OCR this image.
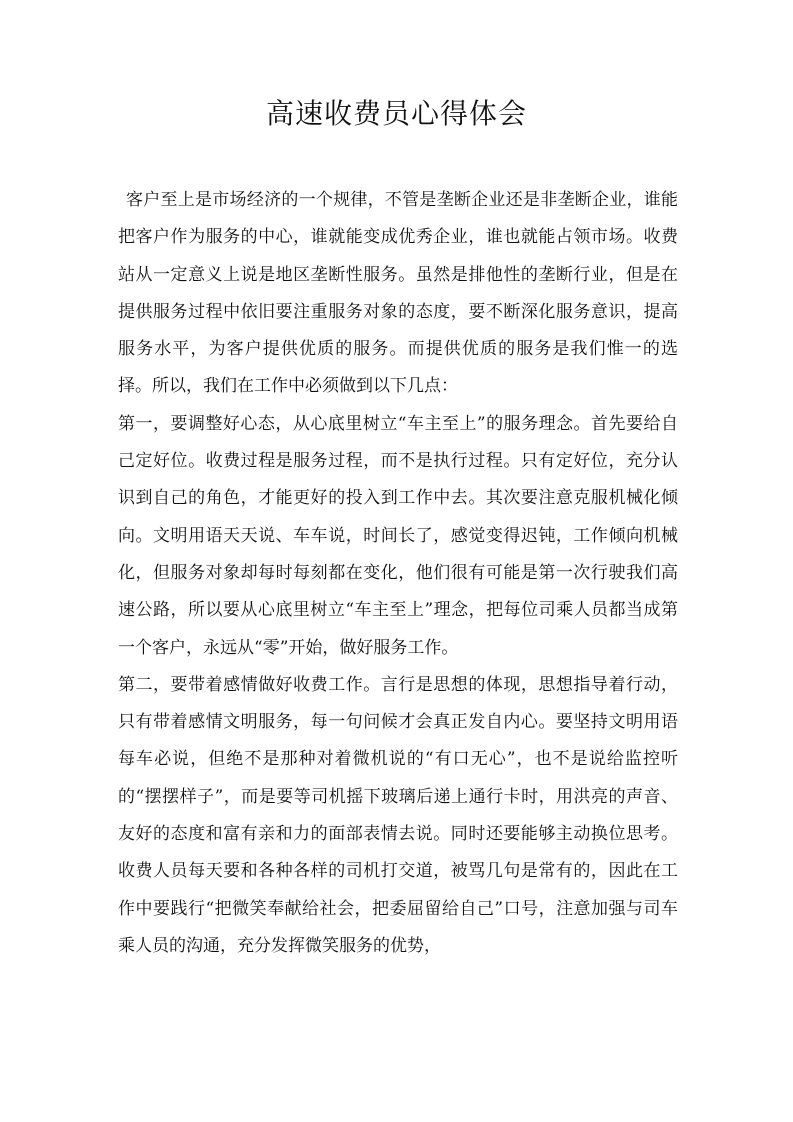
高速收费员心得体会

客户至上是市场经济的一个规律，不管是垄断企业还是非垄断企业，谁能把客户作为服务的中心，谁就能变成优秀企业，谁也就能占领市场。收费站从一定意义上说是地区垄断性服务。虽然是排他性的垄断行业，但是在提供服务过程中依旧要注重服务对象的态度，要不断深化服务意识，提高服务水平，为客户提供优质的服务。而提供优质的服务是我们惟一的选择。所以，我们在工作中必须做到以下几点：

第一，要调整好心态，从心底里树立“车主至上”的服务理念。首先要给自己定好位。收费过程是服务过程，而不是执行过程。只有定好位，充分认识到自己的角色，才能更好的投入到工作中去。其次要注意克服机械化倾向。文明用语天天说、车车说，时间长了，感觉变得迟钝，工作倾向机械化，但服务对象却每时每刻都在变化，他们很有可能是第一次行驶我们高速公路，所以要从心底里树立“车主至上”理念，把每位司乘人员都当成第一个客户，永远从“零”开始，做好服务工作。

第二，要带着感情做好收费工作。言行是思想的体现，思想指导着行动，只有带着感情文明服务，每一句问候才会真正发自内心。要坚持文明用语每车必说，但绝不是那种对着微机说的“有口无心”，也不是说给监控听的“摆摆样子”，而是要等司机摇下玻璃后递上通行卡时，用洪亮的声音、友好的态度和富有亲和力的面部表情去说。同时还要能够主动换位思考。收费人员每天要和各种各样的司机打交道，被骂几句是常有的，因此在工作中要践行“把微笑奉献给社会，把委屈留给自己”口号，注意加强与司车乘人员的沟通，充分发挥微笑服务的优势，
